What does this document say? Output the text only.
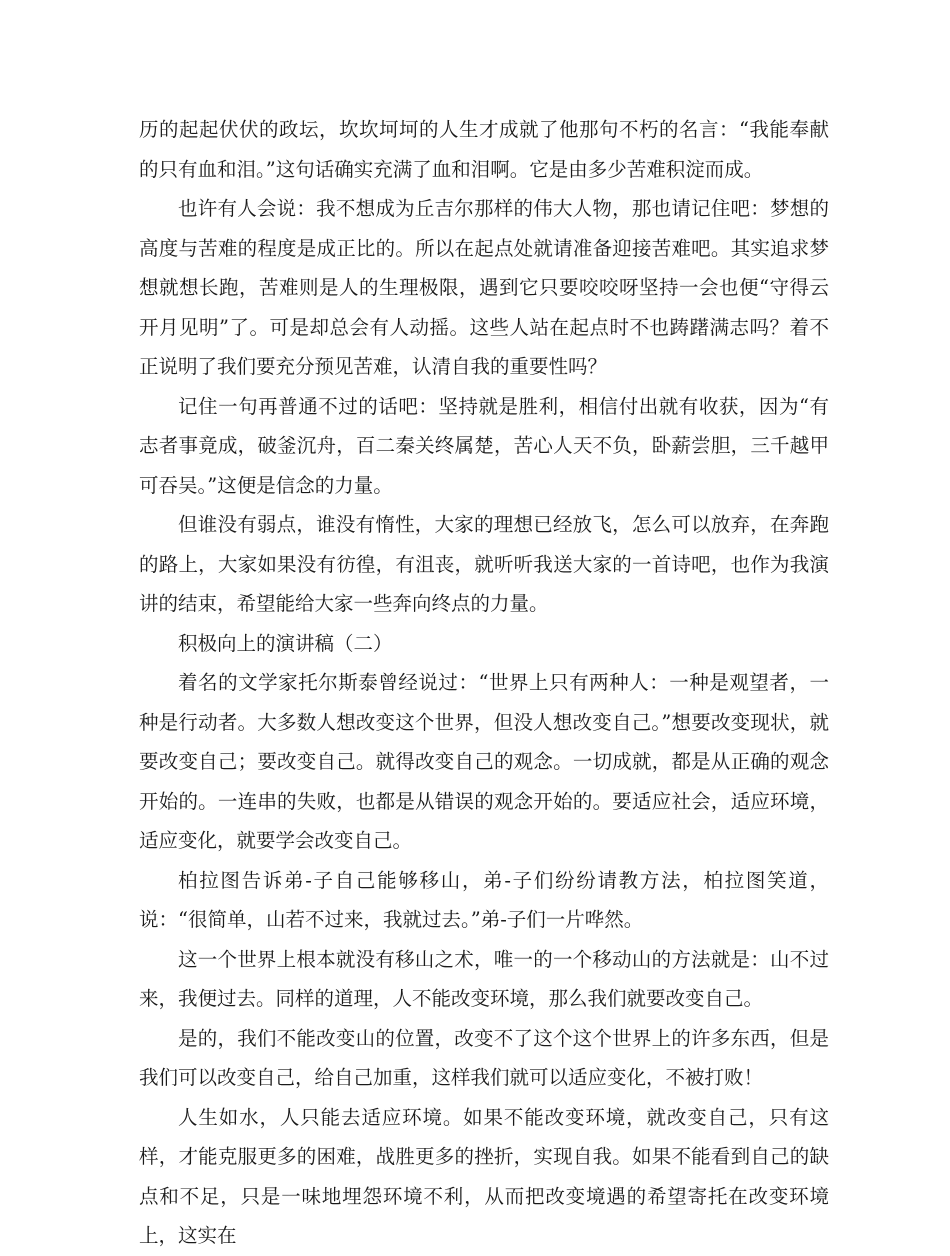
历的起起伏伏的政坛，坎坎坷坷的人生才成就了他那句不朽的名言：“我能奉献的只有血和泪。”这句话确实充满了血和泪啊。它是由多少苦难积淀而成。

也许有人会说：我不想成为丘吉尔那样的伟大人物，那也请记住吧：梦想的高度与苦难的程度是成正比的。所以在起点处就请准备迎接苦难吧。其实追求梦想就想长跑，苦难则是人的生理极限，遇到它只要咬咬呀坚持一会也便“守得云开月见明”了。可是却总会有人动摇。这些人站在起点时不也踌躇满志吗？着不正说明了我们要充分预见苦难，认清自我的重要性吗？

记住一句再普通不过的话吧：坚持就是胜利，相信付出就有收获，因为“有志者事竟成，破釜沉舟，百二秦关终属楚，苦心人天不负，卧薪尝胆，三千越甲可吞吴。”这便是信念的力量。

但谁没有弱点，谁没有惰性，大家的理想已经放飞，怎么可以放弃，在奔跑的路上，大家如果没有彷徨，有沮丧，就听听我送大家的一首诗吧，也作为我演讲的结束，希望能给大家一些奔向终点的力量。

积极向上的演讲稿（二）

着名的文学家托尔斯泰曾经说过：“世界上只有两种人：一种是观望者，一种是行动者。大多数人想改变这个世界，但没人想改变自己。”想要改变现状，就要改变自己；要改变自己。就得改变自己的观念。一切成就，都是从正确的观念开始的。一连串的失败，也都是从错误的观念开始的。要适应社会，适应环境，适应变化，就要学会改变自己。

柏拉图告诉弟-子自己能够移山，弟-子们纷纷请教方法，柏拉图笑道，说：“很简单，山若不过来，我就过去。”弟-子们一片哗然。

这一个世界上根本就没有移山之术，唯一的一个移动山的方法就是：山不过来，我便过去。同样的道理，人不能改变环境，那么我们就要改变自己。

是的，我们不能改变山的位置，改变不了这个这个世界上的许多东西，但是我们可以改变自己，给自己加重，这样我们就可以适应变化，不被打败！

人生如水，人只能去适应环境。如果不能改变环境，就改变自己，只有这样，才能克服更多的困难，战胜更多的挫折，实现自我。如果不能看到自己的缺点和不足，只是一味地埋怨环境不利，从而把改变境遇的希望寄托在改变环境上，这实在
